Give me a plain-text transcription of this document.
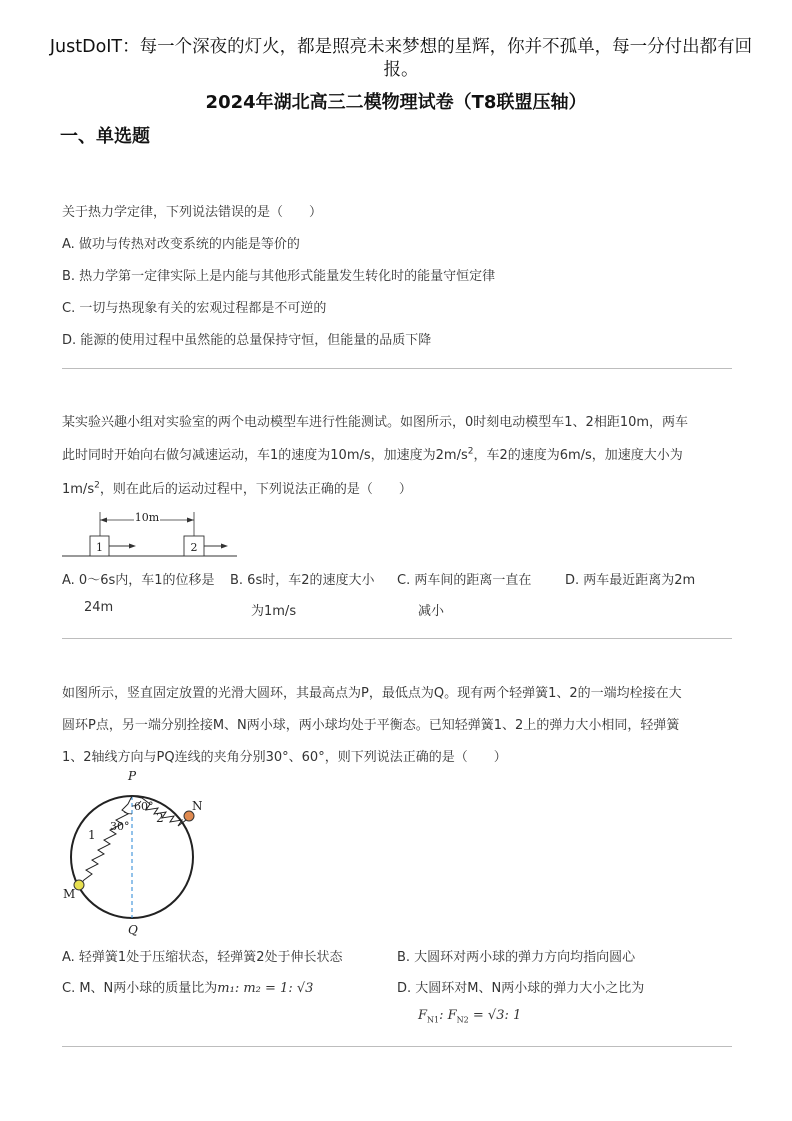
JustDoIT：每一个深夜的灯火，都是照亮未来梦想的星辉，你并不孤单，每一分付出都有回报。
2024年湖北高三二模物理试卷（T8联盟压轴）
一、单选题
关于热力学定律，下列说法错误的是（　　）
A. 做功与传热对改变系统的内能是等价的
B. 热力学第一定律实际上是内能与其他形式能量发生转化时的能量守恒定律
C. 一切与热现象有关的宏观过程都是不可逆的
D. 能源的使用过程中虽然能的总量保持守恒，但能量的品质下降
某实验兴趣小组对实验室的两个电动模型车进行性能测试。如图所示，0时刻电动模型车1、2相距10m，两车
此时同时开始向右做匀减速运动，车1的速度为10m/s，加速度为$2m/s^2$，车2的速度为6m/s，加速度大小为
$1m/s^2$，则在此后的运动过程中，下列说法正确的是（　　）
10m
1	2
A. 0～6s内，车1的位移是
24m
B. 6s时，车2的速度大小
为1m/s
C. 两车间的距离一直在
减小
D. 两车最近距离为2m
如图所示，竖直固定放置的光滑大圆环，其最高点为P，最低点为Q。现有两个轻弹簧1、2的一端均栓接在大
圆环P点，另一端分别拴接M、N两小球，两小球均处于平衡态。已知轻弹簧1、2上的弹力大小相同，轻弹簧
1、2轴线方向与PQ连线的夹角分别30°、60°，则下列说法正确的是（　　）
P
Q
M
N
1
2
30°
60°
A. 轻弹簧1处于压缩状态，轻弹簧2处于伸长状态	B. 大圆环对两小球的弹力方向均指向圆心
C. M、N两小球的质量比为m₁: m₂ = 1: √3	D. 大圆环对M、N两小球的弹力大小之比为
$F_{N1}$: $F_{N2} = √3$: 1
